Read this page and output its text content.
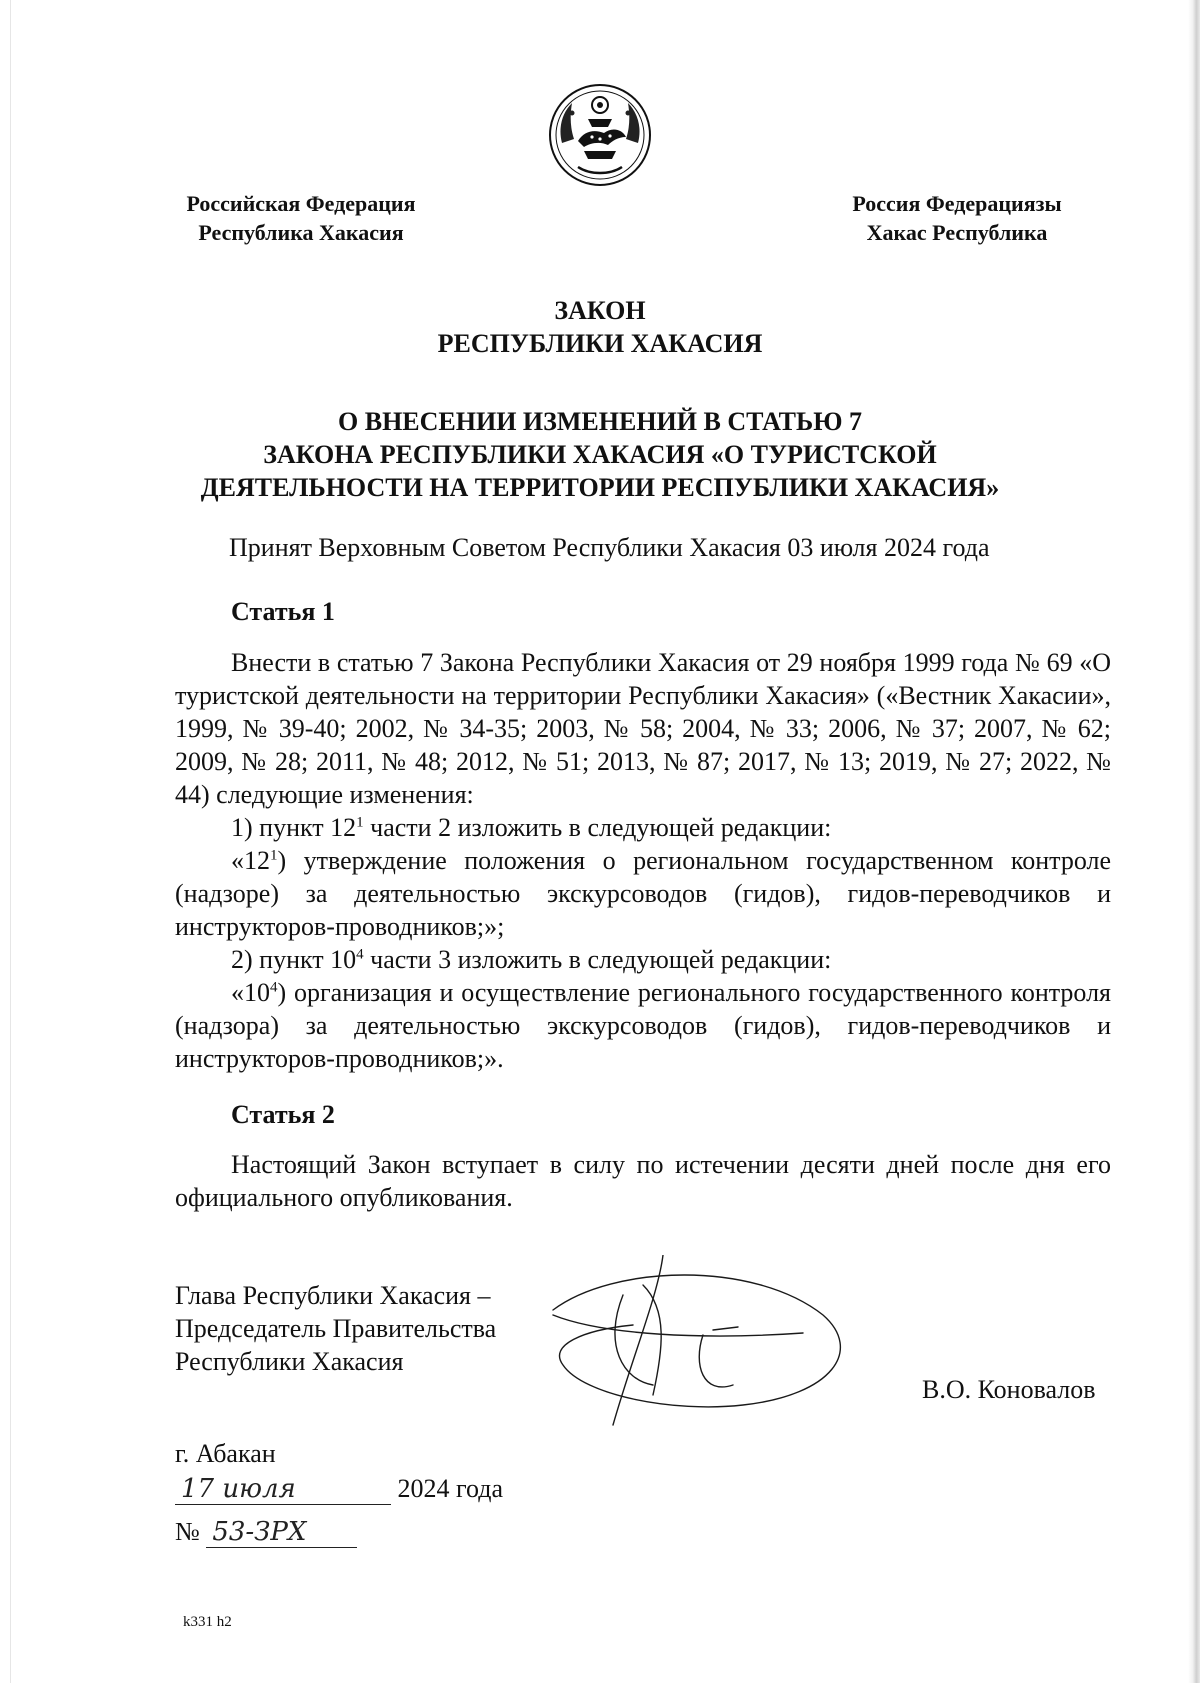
Российская Федерация
Республика Хакасия
Россия Федерациязы
Хакас Республика
ЗАКОН
РЕСПУБЛИКИ ХАКАСИЯ
О ВНЕСЕНИИ ИЗМЕНЕНИЙ В СТАТЬЮ 7
ЗАКОНА РЕСПУБЛИКИ ХАКАСИЯ «О ТУРИСТСКОЙ
ДЕЯТЕЛЬНОСТИ НА ТЕРРИТОРИИ РЕСПУБЛИКИ ХАКАСИЯ»
Принят Верховным Советом Республики Хакасия 03 июля 2024 года
Статья 1

Внести в статью 7 Закона Республики Хакасия от 29 ноября 1999 года № 69 «О туристской деятельности на территории Республики Хакасия» («Вестник Хакасии», 1999, № 39-40; 2002, № 34-35; 2003, № 58; 2004, № 33; 2006, № 37; 2007, № 62; 2009, № 28; 2011, № 48; 2012, № 51; 2013, № 87; 2017, № 13; 2019, № 27; 2022, № 44) следующие изменения:

1) пункт $12^1$ части 2 изложить в следующей редакции:

«$12^1$) утверждение положения о региональном государственном контроле (надзоре) за деятельностью экскурсоводов (гидов), гидов-переводчиков и инструкторов-проводников;»;

2) пункт $10^4$ части 3 изложить в следующей редакции:

«$10^4$) организация и осуществление регионального государственного контроля (надзора) за деятельностью экскурсоводов (гидов), гидов-переводчиков и инструкторов-проводников;».

Статья 2

Настоящий Закон вступает в силу по истечении десяти дней после дня его официального опубликования.

Глава Республики Хакасия –
Председатель Правительства
Республики Хакасия
В.О. Коновалов
г. Абакан
17 июля	2024 года
№ 53-ЗРХ
k331 h2
